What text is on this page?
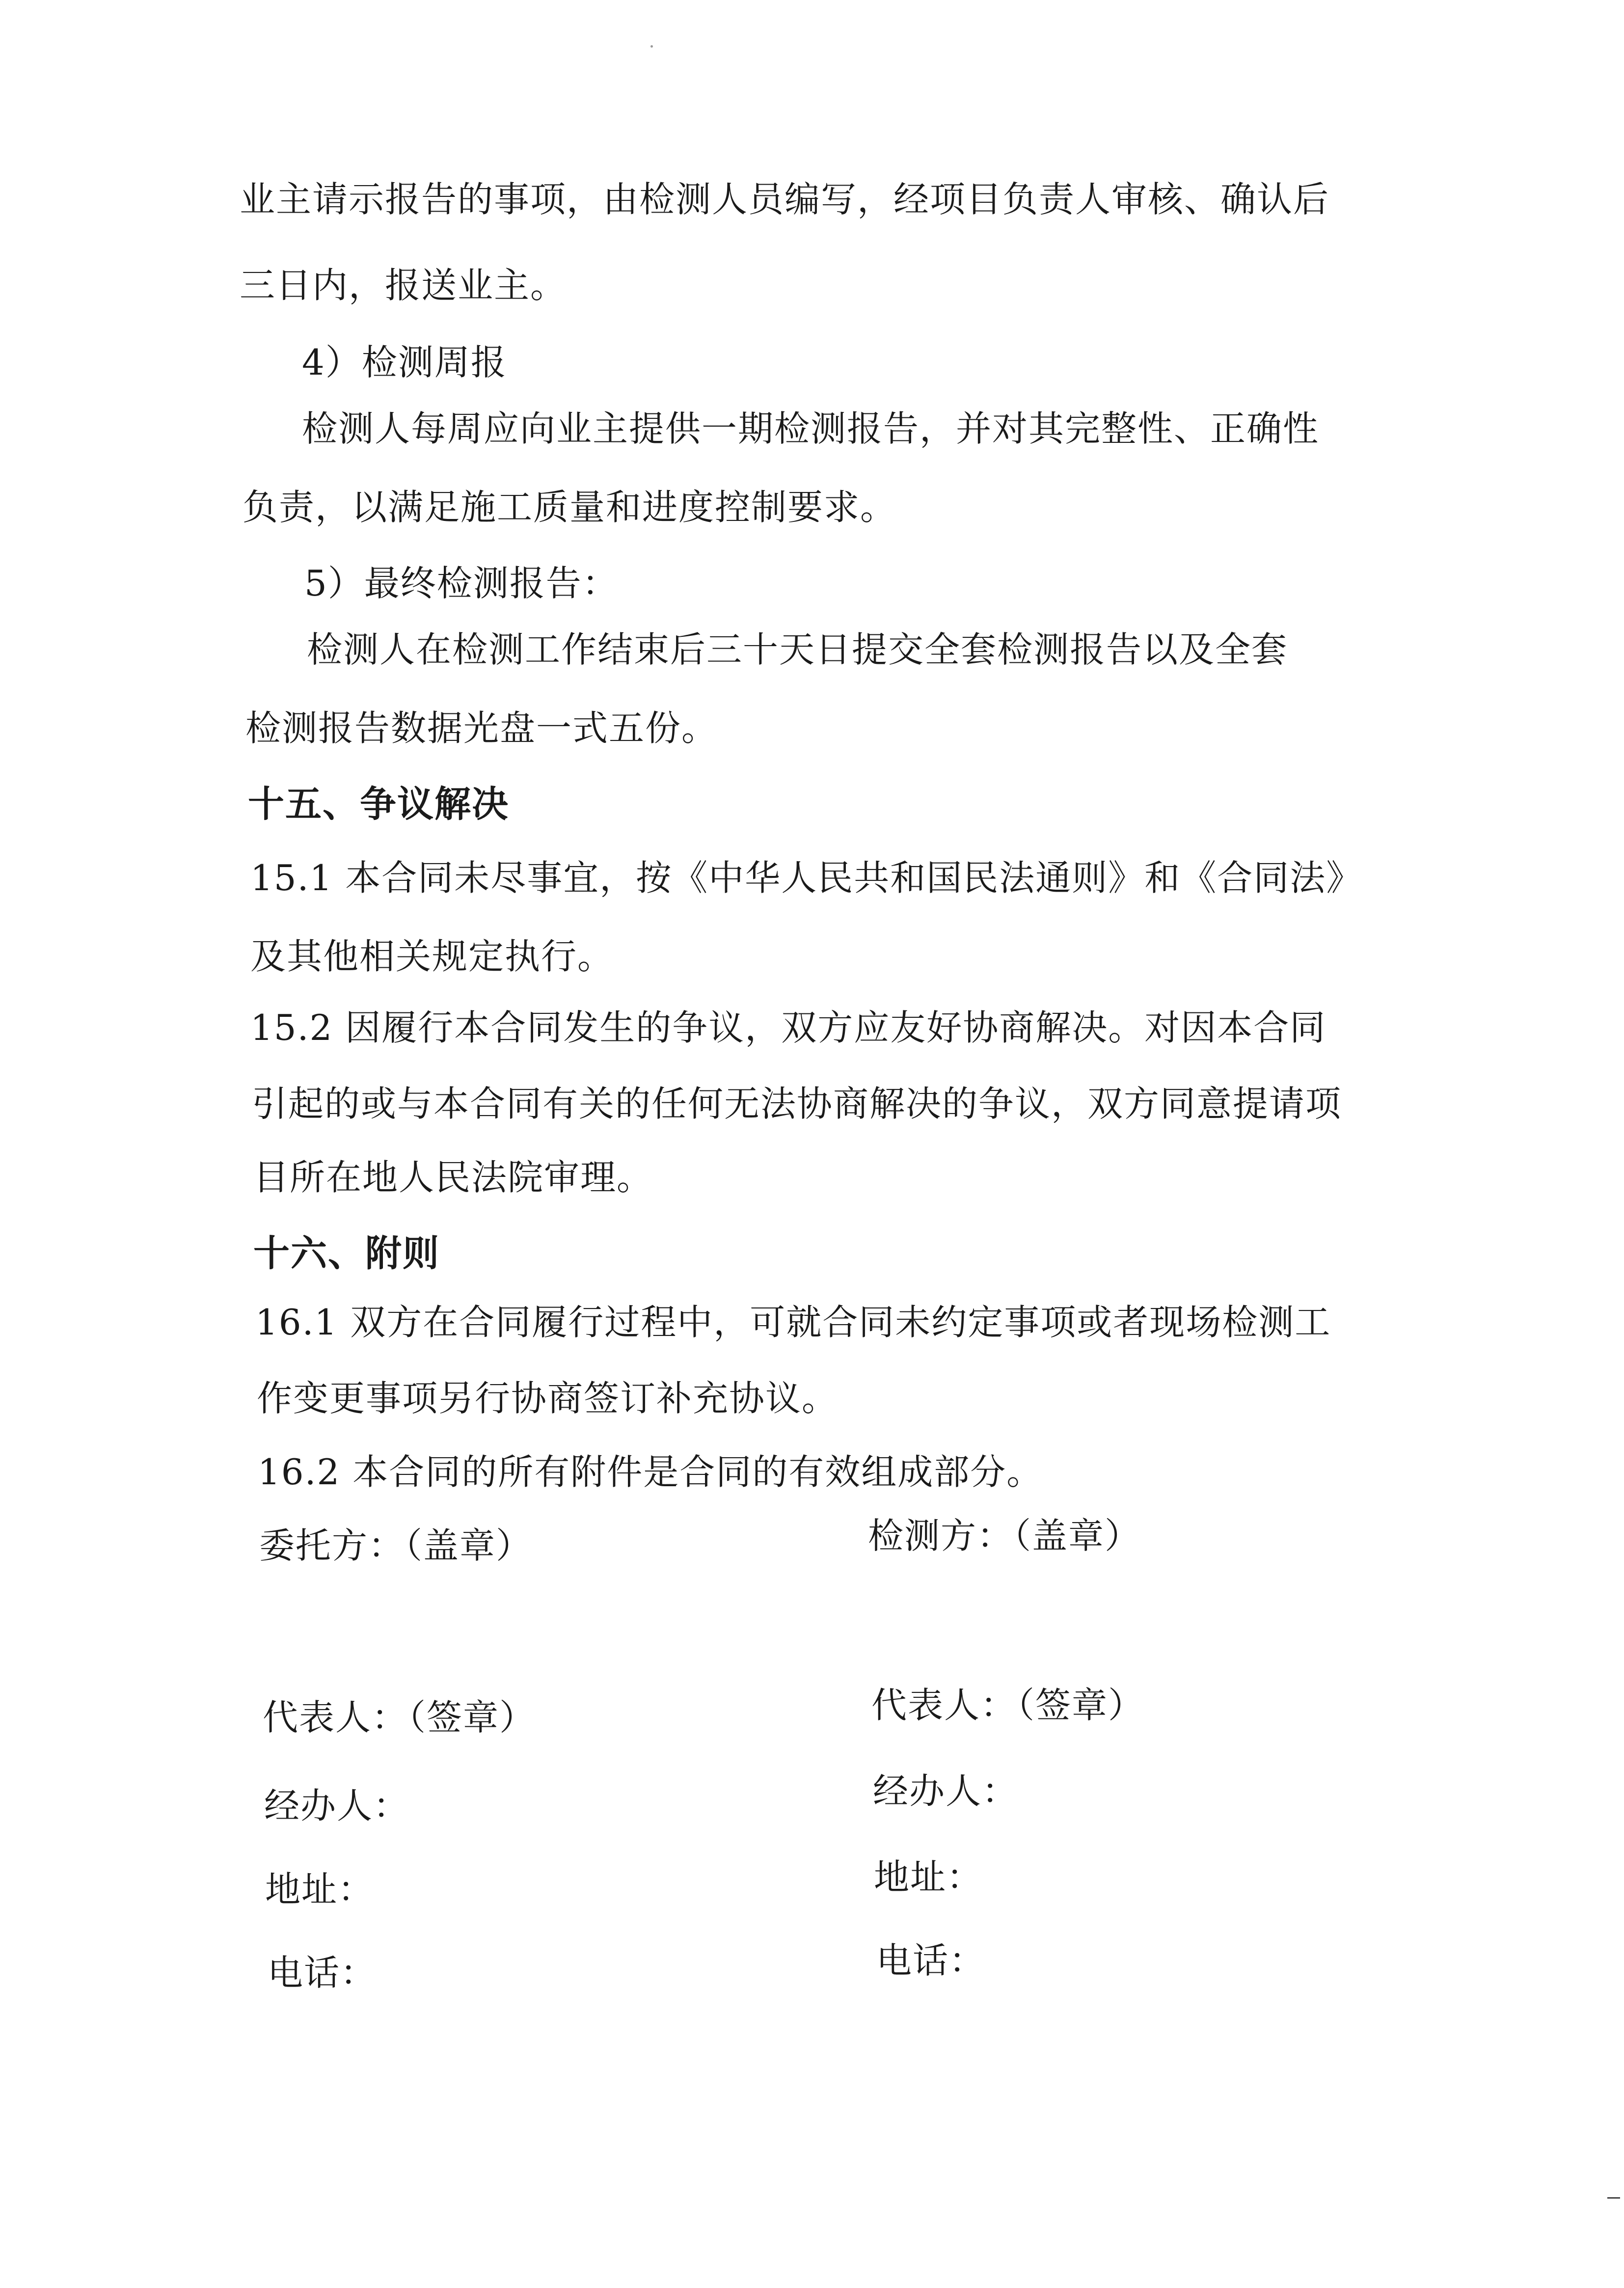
业主请示报告的事项，由检测人员编写，经项目负责人审核、确认后
三日内，报送业主。
4）检测周报
检测人每周应向业主提供一期检测报告，并对其完整性、正确性
负责，以满足施工质量和进度控制要求。
5）最终检测报告：
检测人在检测工作结束后三十天日提交全套检测报告以及全套
检测报告数据光盘一式五份。
十五、争议解决
15.1 本合同未尽事宜，按《中华人民共和国民法通则》和《合同法》
及其他相关规定执行。
15.2 因履行本合同发生的争议，双方应友好协商解决。对因本合同
引起的或与本合同有关的任何无法协商解决的争议，双方同意提请项
目所在地人民法院审理。
十六、附则
16.1 双方在合同履行过程中，可就合同未约定事项或者现场检测工
作变更事项另行协商签订补充协议。
16.2 本合同的所有附件是合同的有效组成部分。
委托方：（盖章）
代表人：（签章）
经办人：
地址：
电话：
检测方：（盖章）
代表人：（签章）
经办人：
地址：
电话：
